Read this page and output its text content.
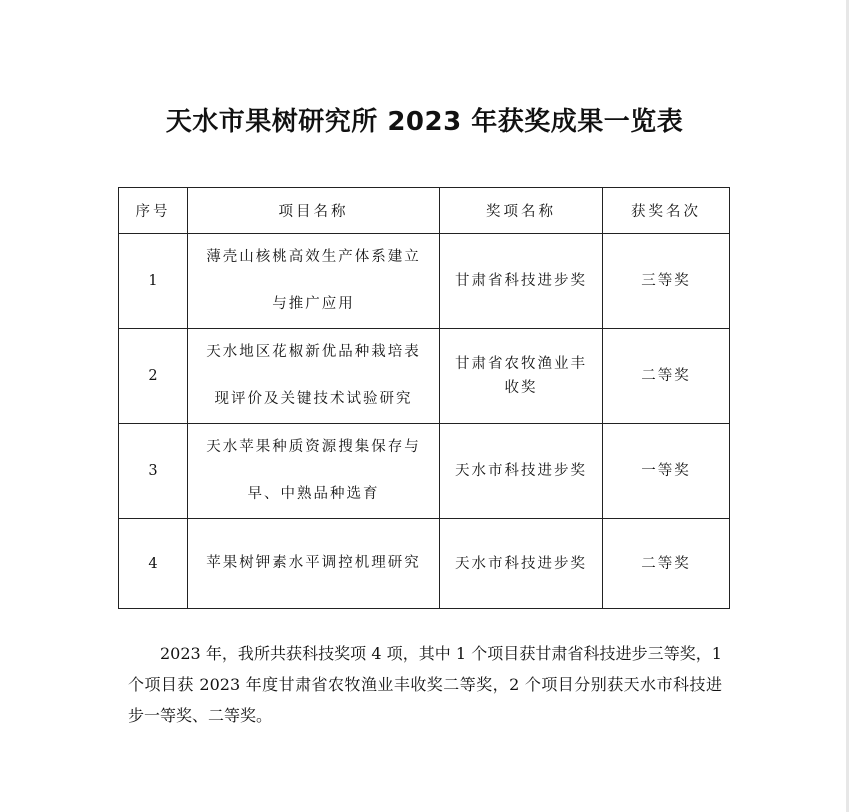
天水市果树研究所 2023 年获奖成果一览表
序号	项目名称	奖项名称	获奖名次
1	薄壳山核桃高效生产体系建立与推广应用	甘肃省科技进步奖	三等奖
2	天水地区花椒新优品种栽培表现评价及关键技术试验研究	甘肃省农牧渔业丰收奖	二等奖
3	天水苹果种质资源搜集保存与早、中熟品种选育	天水市科技进步奖	一等奖
4	苹果树钾素水平调控机理研究	天水市科技进步奖	二等奖

2023 年，我所共获科技奖项 4 项，其中 1 个项目获甘肃省科技进步三等奖，1 个项目获 2023 年度甘肃省农牧渔业丰收奖二等奖，2 个项目分别获天水市科技进步一等奖、二等奖。
